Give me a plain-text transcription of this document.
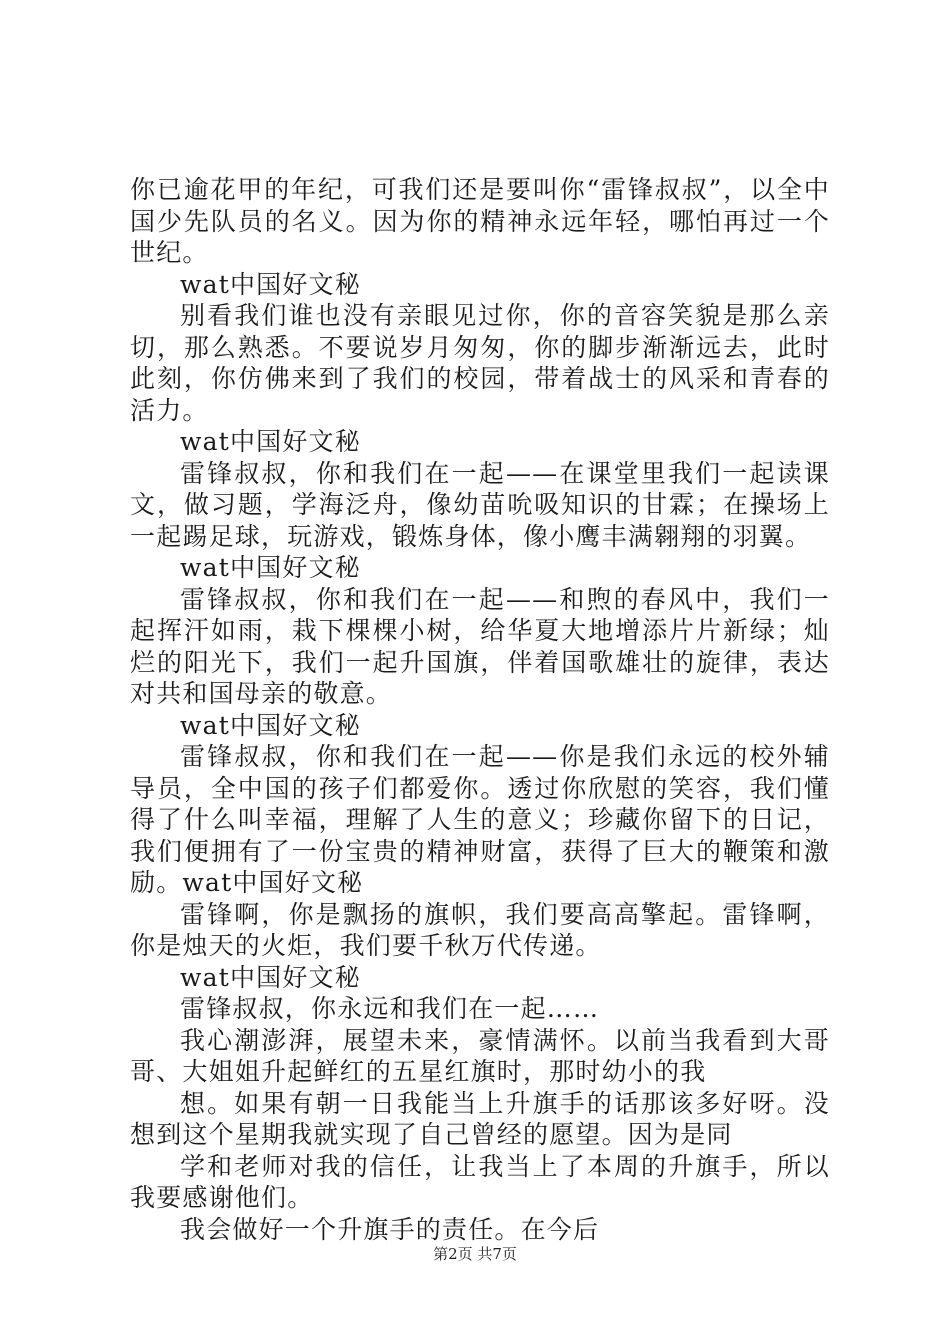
你已逾花甲的年纪，可我们还是要叫你“雷锋叔叔”，以全中国少先队员的名义。因为你的精神永远年轻，哪怕再过一个世纪。

wat中国好文秘

别看我们谁也没有亲眼见过你，你的音容笑貌是那么亲切，那么熟悉。不要说岁月匆匆，你的脚步渐渐远去，此时此刻，你仿佛来到了我们的校园，带着战士的风采和青春的活力。

wat中国好文秘

雷锋叔叔，你和我们在一起——在课堂里我们一起读课文，做习题，学海泛舟，像幼苗吮吸知识的甘霖；在操场上一起踢足球，玩游戏，锻炼身体，像小鹰丰满翱翔的羽翼。

wat中国好文秘

雷锋叔叔，你和我们在一起——和煦的春风中，我们一起挥汗如雨，栽下棵棵小树，给华夏大地增添片片新绿；灿烂的阳光下，我们一起升国旗，伴着国歌雄壮的旋律，表达对共和国母亲的敬意。

wat中国好文秘

雷锋叔叔，你和我们在一起——你是我们永远的校外辅导员，全中国的孩子们都爱你。透过你欣慰的笑容，我们懂得了什么叫幸福，理解了人生的意义；珍藏你留下的日记，我们便拥有了一份宝贵的精神财富，获得了巨大的鞭策和激励。wat中国好文秘

雷锋啊，你是飘扬的旗帜，我们要高高擎起。雷锋啊，你是烛天的火炬，我们要千秋万代传递。

wat中国好文秘

雷锋叔叔，你永远和我们在一起……

我心潮澎湃，展望未来，豪情满怀。以前当我看到大哥哥、大姐姐升起鲜红的五星红旗时，那时幼小的我

想。如果有朝一日我能当上升旗手的话那该多好呀。没想到这个星期我就实现了自己曾经的愿望。因为是同

学和老师对我的信任，让我当上了本周的升旗手，所以我要感谢他们。

我会做好一个升旗手的责任。在今后

第2页 共7页
